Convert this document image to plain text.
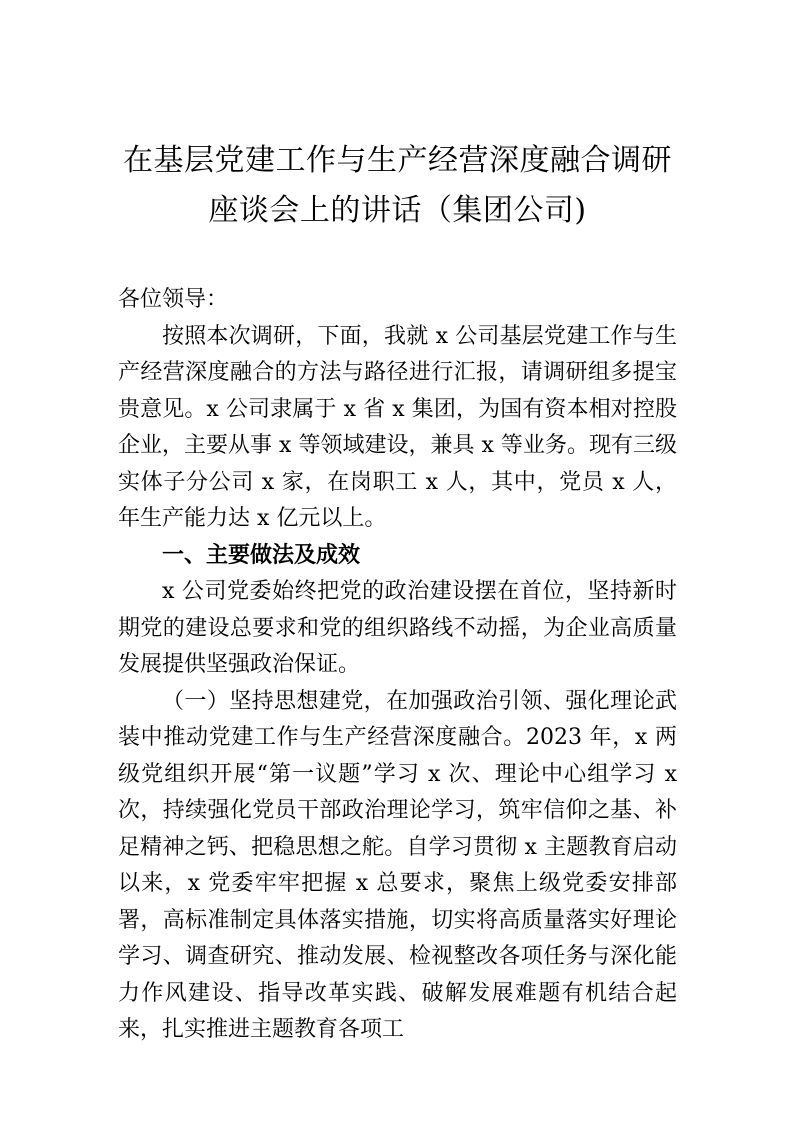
在基层党建工作与生产经营深度融合调研
座谈会上的讲话（集团公司)
各位领导：

按照本次调研，下面，我就 x 公司基层党建工作与生产经营深度融合的方法与路径进行汇报，请调研组多提宝贵意见。x 公司隶属于 x 省 x 集团，为国有资本相对控股企业，主要从事 x 等领域建设，兼具 x 等业务。现有三级实体子分公司 x 家，在岗职工 x 人，其中，党员 x 人，年生产能力达 x 亿元以上。

一、主要做法及成效

x 公司党委始终把党的政治建设摆在首位，坚持新时期党的建设总要求和党的组织路线不动摇，为企业高质量发展提供坚强政治保证。

（一）坚持思想建党，在加强政治引领、强化理论武装中推动党建工作与生产经营深度融合。2023 年，x 两级党组织开展“第一议题”学习 x 次、理论中心组学习 x 次，持续强化党员干部政治理论学习，筑牢信仰之基、补足精神之钙、把稳思想之舵。自学习贯彻 x 主题教育启动以来，x 党委牢牢把握 x 总要求，聚焦上级党委安排部署，高标准制定具体落实措施，切实将高质量落实好理论学习、调查研究、推动发展、检视整改各项任务与深化能力作风建设、指导改革实践、破解发展难题有机结合起来，扎实推进主题教育各项工
